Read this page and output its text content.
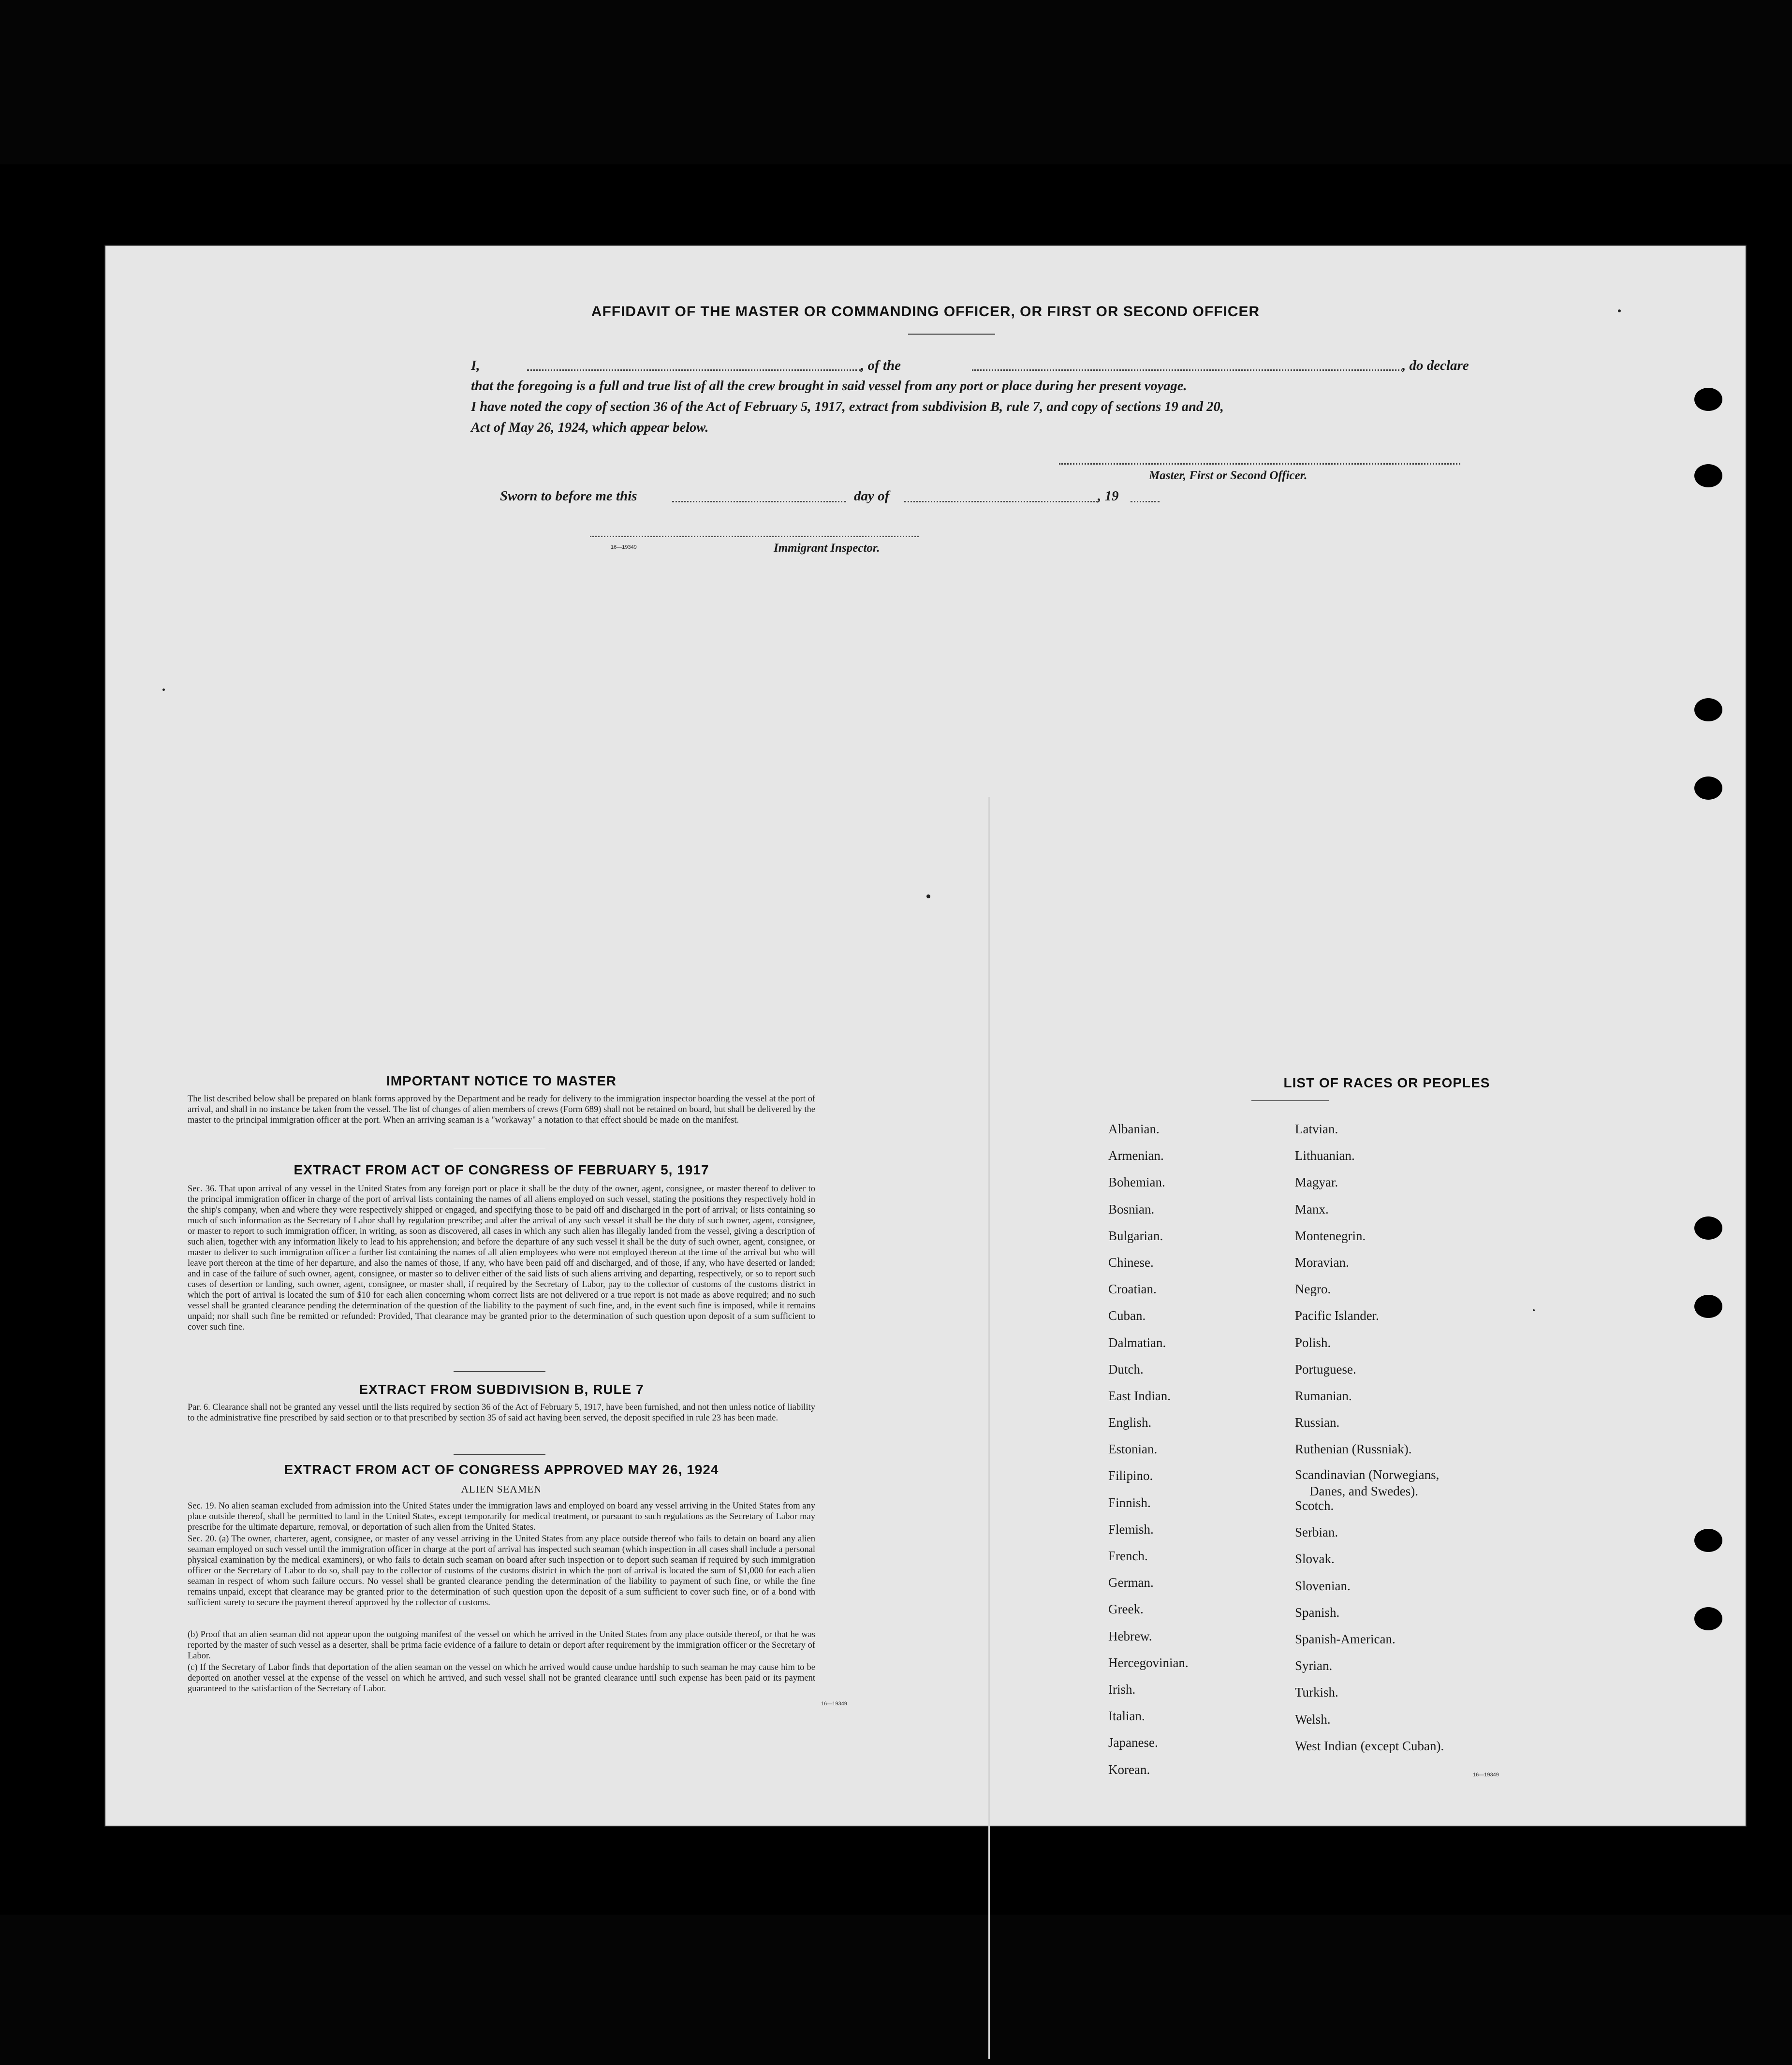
AFFIDAVIT OF THE MASTER OR COMMANDING OFFICER, OR FIRST OR SECOND OFFICER
I,	, of the	, do declare
that the foregoing is a full and true list of all the crew brought in said vessel from any port or place during her present voyage.
I have noted the copy of section 36 of the Act of February 5, 1917, extract from subdivision B, rule 7, and copy of sections 19 and 20,
Act of May 26, 1924, which appear below.
Master, First or Second Officer.
Sworn to before me this	day of	, 19
16—19349	Immigrant Inspector.
IMPORTANT NOTICE TO MASTER
The list described below shall be prepared on blank forms approved by the Department and be ready for delivery to the immigration inspector boarding the vessel at the port of arrival, and shall in no instance be taken from the vessel. The list of changes of alien members of crews (Form 689) shall not be retained on board, but shall be delivered by the master to the principal immigration officer at the port. When an arriving seaman is a "workaway" a notation to that effect should be made on the manifest.
EXTRACT FROM ACT OF CONGRESS OF FEBRUARY 5, 1917
Sec. 36. That upon arrival of any vessel in the United States from any foreign port or place it shall be the duty of the owner, agent, consignee, or master thereof to deliver to the principal immigration officer in charge of the port of arrival lists containing the names of all aliens employed on such vessel, stating the positions they respectively hold in the ship's company, when and where they were respectively shipped or engaged, and specifying those to be paid off and discharged in the port of arrival; or lists containing so much of such information as the Secretary of Labor shall by regulation prescribe; and after the arrival of any such vessel it shall be the duty of such owner, agent, consignee, or master to report to such immigration officer, in writing, as soon as discovered, all cases in which any such alien has illegally landed from the vessel, giving a description of such alien, together with any information likely to lead to his apprehension; and before the departure of any such vessel it shall be the duty of such owner, agent, consignee, or master to deliver to such immigration officer a further list containing the names of all alien employees who were not employed thereon at the time of the arrival but who will leave port thereon at the time of her departure, and also the names of those, if any, who have been paid off and discharged, and of those, if any, who have deserted or landed; and in case of the failure of such owner, agent, consignee, or master so to deliver either of the said lists of such aliens arriving and departing, respectively, or so to report such cases of desertion or landing, such owner, agent, consignee, or master shall, if required by the Secretary of Labor, pay to the collector of customs of the customs district in which the port of arrival is located the sum of $10 for each alien concerning whom correct lists are not delivered or a true report is not made as above required; and no such vessel shall be granted clearance pending the determination of the question of the liability to the payment of such fine, and, in the event such fine is imposed, while it remains unpaid; nor shall such fine be remitted or refunded: Provided, That clearance may be granted prior to the determination of such question upon deposit of a sum sufficient to cover such fine.
EXTRACT FROM SUBDIVISION B, RULE 7
Par. 6. Clearance shall not be granted any vessel until the lists required by section 36 of the Act of February 5, 1917, have been furnished, and not then unless notice of liability to the administrative fine prescribed by said section or to that prescribed by section 35 of said act having been served, the deposit specified in rule 23 has been made.
EXTRACT FROM ACT OF CONGRESS APPROVED MAY 26, 1924
ALIEN SEAMEN
Sec. 19. No alien seaman excluded from admission into the United States under the immigration laws and employed on board any vessel arriving in the United States from any place outside thereof, shall be permitted to land in the United States, except temporarily for medical treatment, or pursuant to such regulations as the Secretary of Labor may prescribe for the ultimate departure, removal, or deportation of such alien from the United States.
Sec. 20. (a) The owner, charterer, agent, consignee, or master of any vessel arriving in the United States from any place outside thereof who fails to detain on board any alien seaman employed on such vessel until the immigration officer in charge at the port of arrival has inspected such seaman (which inspection in all cases shall include a personal physical examination by the medical examiners), or who fails to detain such seaman on board after such inspection or to deport such seaman if required by such immigration officer or the Secretary of Labor to do so, shall pay to the collector of customs of the customs district in which the port of arrival is located the sum of $1,000 for each alien seaman in respect of whom such failure occurs. No vessel shall be granted clearance pending the determination of the liability to payment of such fine, or while the fine remains unpaid, except that clearance may be granted prior to the determination of such question upon the deposit of a sum sufficient to cover such fine, or of a bond with sufficient surety to secure the payment thereof approved by the collector of customs.
(b) Proof that an alien seaman did not appear upon the outgoing manifest of the vessel on which he arrived in the United States from any place outside thereof, or that he was reported by the master of such vessel as a deserter, shall be prima facie evidence of a failure to detain or deport after requirement by the immigration officer or the Secretary of Labor.
(c) If the Secretary of Labor finds that deportation of the alien seaman on the vessel on which he arrived would cause undue hardship to such seaman he may cause him to be deported on another vessel at the expense of the vessel on which he arrived, and such vessel shall not be granted clearance until such expense has been paid or its payment guaranteed to the satisfaction of the Secretary of Labor.
16—19349
LIST OF RACES OR PEOPLES
Albanian.
Armenian.
Bohemian.
Bosnian.
Bulgarian.
Chinese.
Croatian.
Cuban.
Dalmatian.
Dutch.
East Indian.
English.
Estonian.
Filipino.
Finnish.
Flemish.
French.
German.
Greek.
Hebrew.
Hercegovinian.
Irish.
Italian.
Japanese.
Korean.
Latvian.
Lithuanian.
Magyar.
Manx.
Montenegrin.
Moravian.
Negro.
Pacific Islander.
Polish.
Portuguese.
Rumanian.
Russian.
Ruthenian (Russniak).
Scandinavian (Norwegians,
Danes, and Swedes).
Scotch.
Serbian.
Slovak.
Slovenian.
Spanish.
Spanish-American.
Syrian.
Turkish.
Welsh.
West Indian (except Cuban).
16—19349
